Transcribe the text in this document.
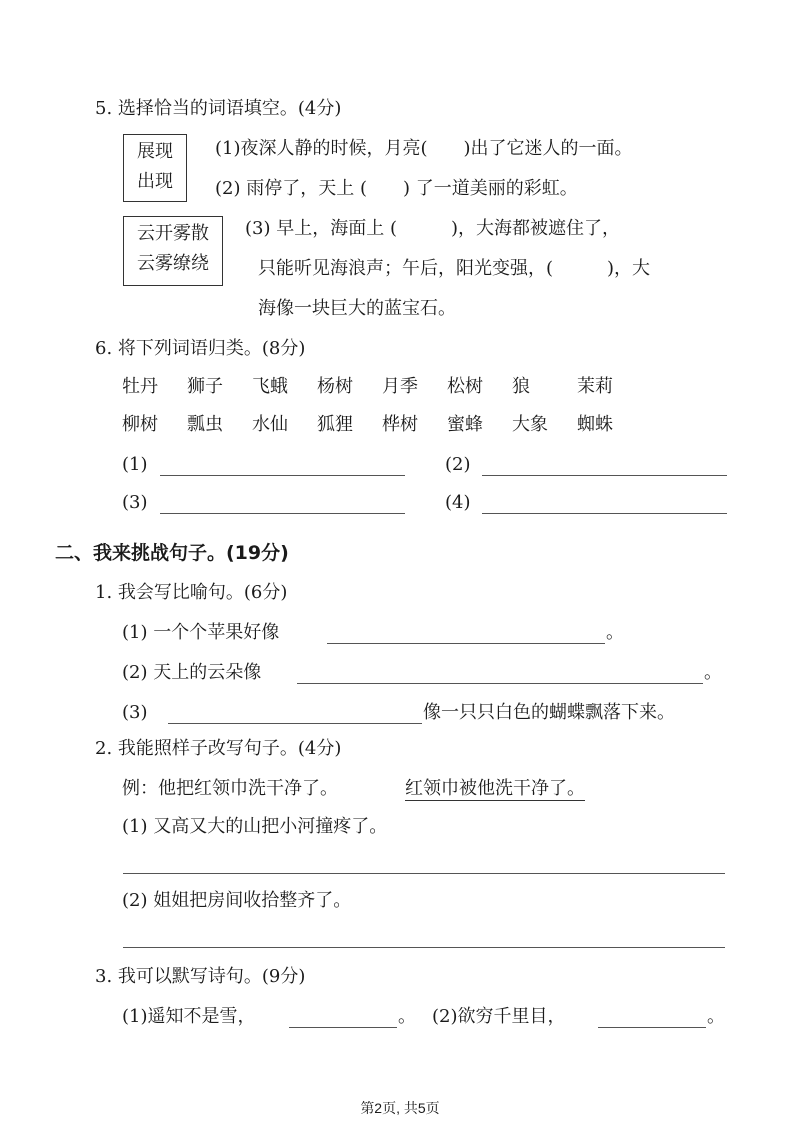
5. 选择恰当的词语填空。(4分)
展现
出现
(1)夜深人静的时候，月亮(　　)出了它迷人的一面。
(2) 雨停了，天上 (　　) 了一道美丽的彩虹。
云开雾散
云雾缭绕
(3) 早上，海面上 (　　　)，大海都被遮住了，
只能听见海浪声；午后，阳光变强，(　　　)，大
海像一块巨大的蓝宝石。
6. 将下列词语归类。(8分)
牡丹 狮子 飞蛾 杨树 月季 松树 狼	茉莉
柳树 瓢虫 水仙 狐狸 桦树 蜜蜂 大象 蜘蛛
(1)	(2)
(3)	(4)
二、我来挑战句子。(19分)
1. 我会写比喻句。(6分)
(1) 一个个苹果好像	。
(2) 天上的云朵像	。
(3)	像一只只白色的蝴蝶飘落下来。
2. 我能照样子改写句子。(4分)
例：他把红领巾洗干净了。	红领巾被他洗干净了。
(1) 又高又大的山把小河撞疼了。
(2) 姐姐把房间收拾整齐了。
3. 我可以默写诗句。(9分)
(1)遥知不是雪，	。 (2)欲穷千里目，	。
第2页, 共5页
